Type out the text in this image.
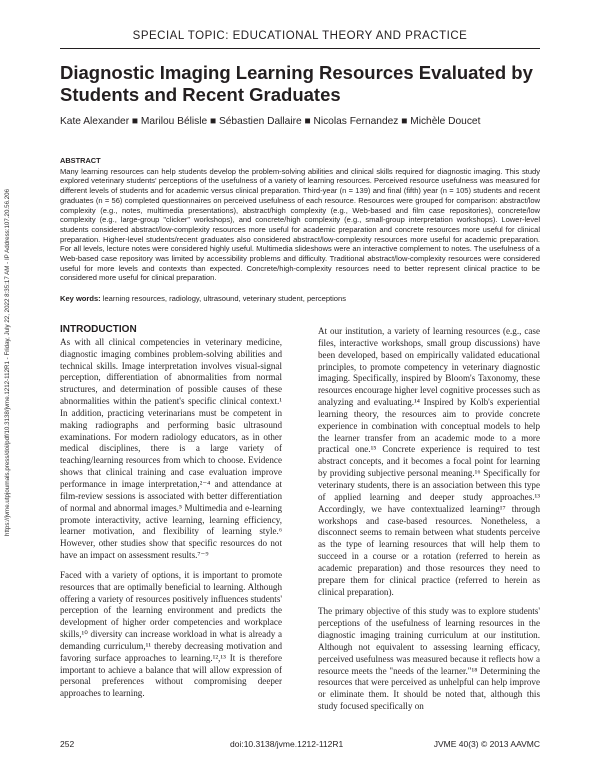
SPECIAL TOPIC: EDUCATIONAL THEORY AND PRACTICE
Diagnostic Imaging Learning Resources Evaluated by Students and Recent Graduates
Kate Alexander ■ Marilou Bélisle ■ Sébastien Dallaire ■ Nicolas Fernandez ■ Michèle Doucet
ABSTRACT
Many learning resources can help students develop the problem-solving abilities and clinical skills required for diagnostic imaging. This study explored veterinary students' perceptions of the usefulness of a variety of learning resources. Perceived resource usefulness was measured for different levels of students and for academic versus clinical preparation. Third-year (n = 139) and final (fifth) year (n = 105) students and recent graduates (n = 56) completed questionnaires on perceived usefulness of each resource. Resources were grouped for comparison: abstract/low complexity (e.g., notes, multimedia presentations), abstract/high complexity (e.g., Web-based and film case repositories), concrete/low complexity (e.g., large-group "clicker" workshops), and concrete/high complexity (e.g., small-group interpretation workshops). Lower-level students considered abstract/low-complexity resources more useful for academic preparation and concrete resources more useful for clinical preparation. Higher-level students/recent graduates also considered abstract/low-complexity resources more useful for academic preparation. For all levels, lecture notes were considered highly useful. Multimedia slideshows were an interactive complement to notes. The usefulness of a Web-based case repository was limited by accessibility problems and difficulty. Traditional abstract/low-complexity resources were considered useful for more levels and contexts than expected. Concrete/high-complexity resources need to better represent clinical practice to be considered more useful for clinical preparation.
Key words: learning resources, radiology, ultrasound, veterinary student, perceptions
https://jvme.utpjournals.press/doi/pdf/10.3138/jvme.1212-112R1 - Friday, July 22, 2022 8:35:17 AM - IP Address:107.20.56.206	INTRODUCTION

As with all clinical competencies in veterinary medicine, diagnostic imaging combines problem-solving abilities and technical skills. Image interpretation involves visual-signal perception, differentiation of abnormalities from normal structures, and determination of possible causes of these abnormalities within the patient's specific clinical context.¹ In addition, practicing veterinarians must be competent in making radiographs and performing basic ultrasound examinations. For modern radiology educators, as in other medical disciplines, there is a large variety of teaching/learning resources from which to choose. Evidence shows that clinical training and case evaluation improve performance in image interpretation,²⁻⁴ and attendance at film-review sessions is associated with better differentiation of normal and abnormal images.⁵ Multimedia and e-learning promote interactivity, active learning, learning efficiency, learner motivation, and flexibility of learning style.⁶ However, other studies show that specific resources do not have an impact on assessment results.⁷⁻⁹

Faced with a variety of options, it is important to promote resources that are optimally beneficial to learning. Although offering a variety of resources positively influences students' perception of the learning environment and predicts the development of higher order competencies and workplace skills,¹⁰ diversity can increase workload in what is already a demanding curriculum,¹¹ thereby decreasing motivation and favoring surface approaches to learning.¹²,¹³ It is therefore important to achieve a balance that will allow expression of personal preferences without compromising deeper approaches to learning.

At our institution, a variety of learning resources (e.g., case files, interactive workshops, small group discussions) have been developed, based on empirically validated educational principles, to promote competency in veterinary diagnostic imaging. Specifically, inspired by Bloom's Taxonomy, these resources encourage higher level cognitive processes such as analyzing and evaluating.¹⁴ Inspired by Kolb's experiential learning theory, the resources aim to provide concrete experience in combination with conceptual models to help the learner transfer from an academic mode to a more practical one.¹⁵ Concrete experience is required to test abstract concepts, and it becomes a focal point for learning by providing subjective personal meaning.¹⁶ Specifically for veterinary students, there is an association between this type of applied learning and deeper study approaches.¹³ Accordingly, we have contextualized learning¹⁷ through workshops and case-based resources. Nonetheless, a disconnect seems to remain between what students perceive as the type of learning resources that will help them to succeed in a course or a rotation (referred to herein as academic preparation) and those resources they need to prepare them for clinical practice (referred to herein as clinical preparation).

The primary objective of this study was to explore students' perceptions of the usefulness of learning resources in the diagnostic imaging training curriculum at our institution. Although not equivalent to assessing learning efficacy, perceived usefulness was measured because it reflects how a resource meets the "needs of the learner."¹⁸ Determining the resources that were perceived as unhelpful can help improve or eliminate them. It should be noted that, although this study focused specifically on

252	doi:10.3138/jvme.1212-112R1	JVME 40(3) © 2013 AAVMC
